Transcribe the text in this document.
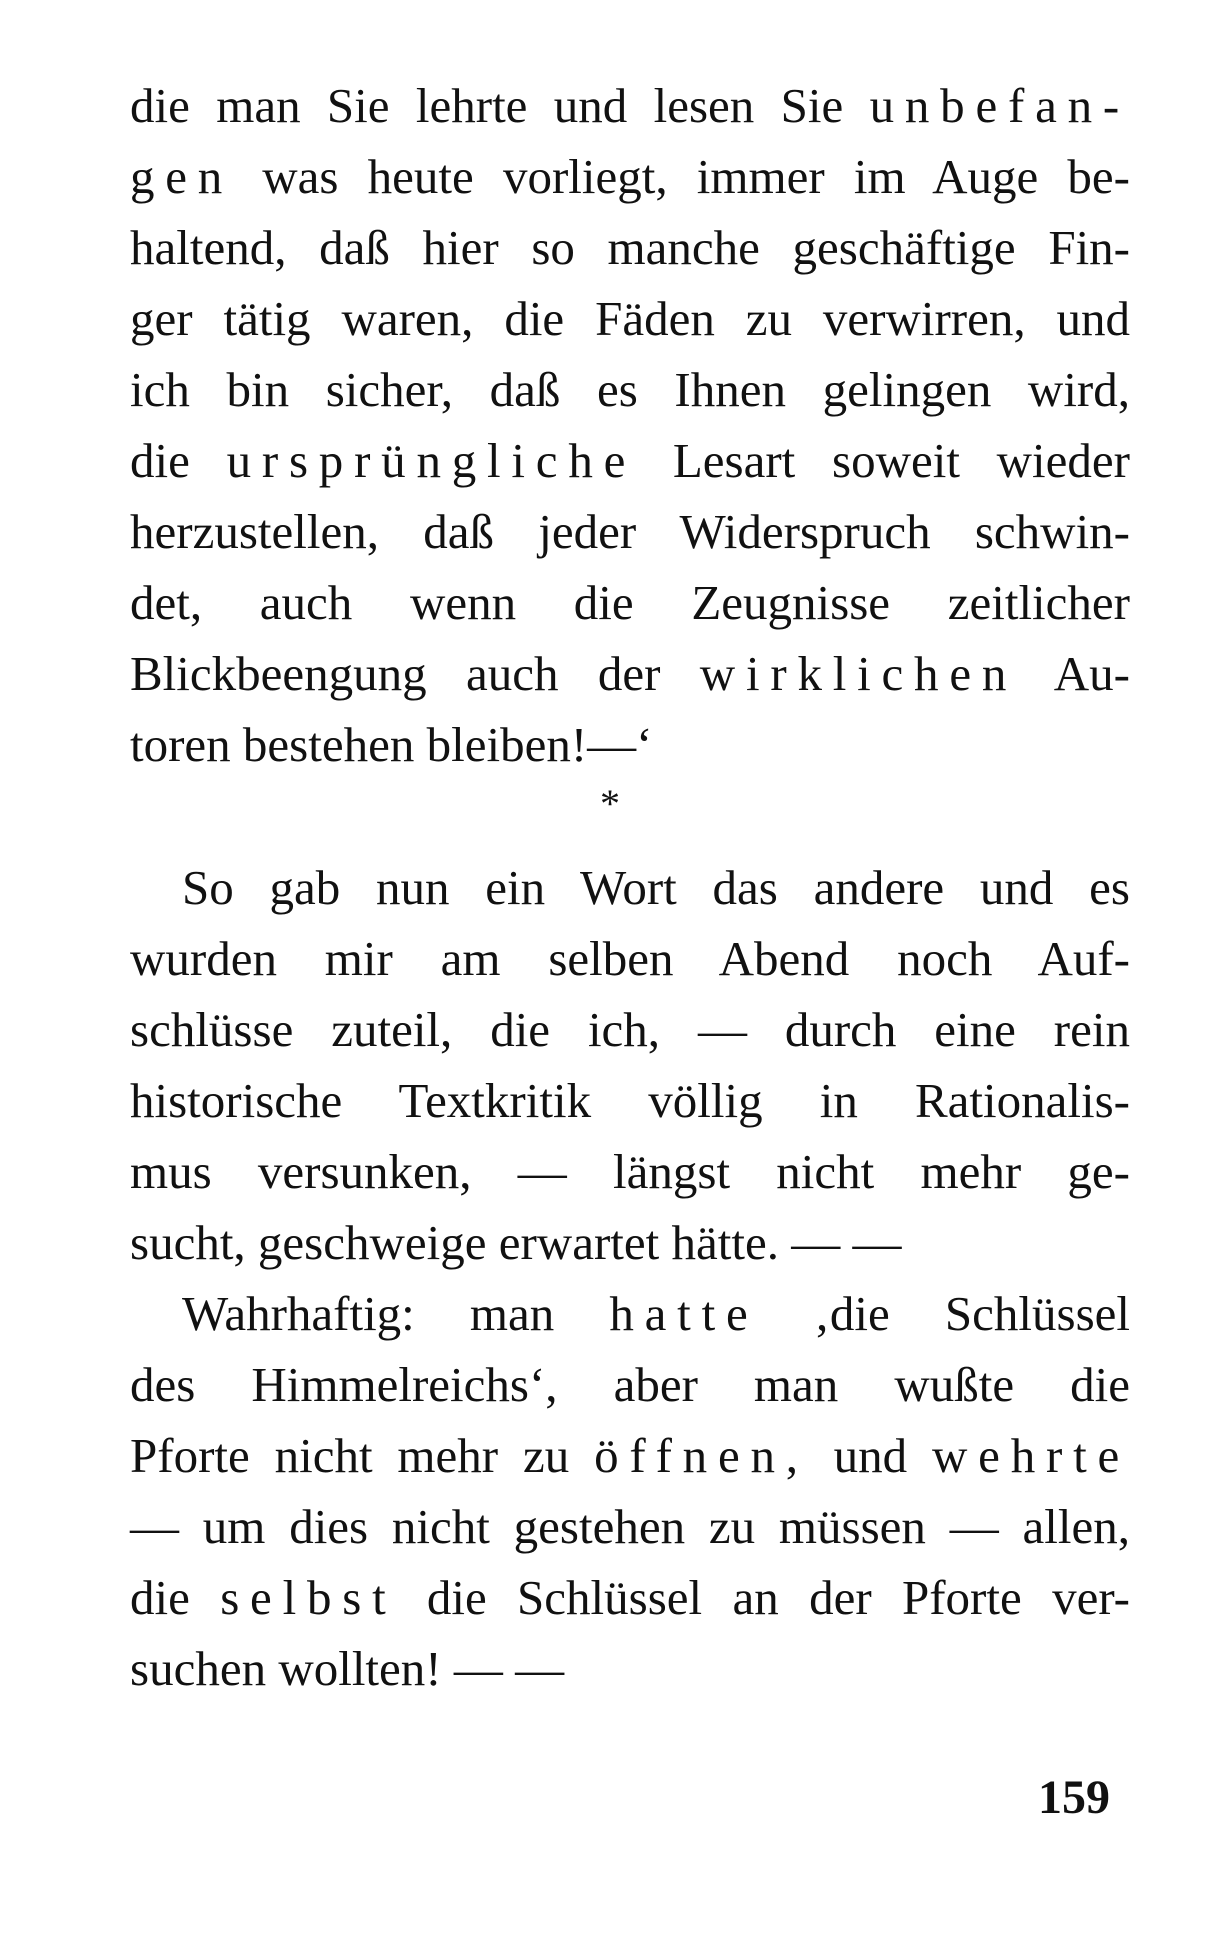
die man Sie lehrte und lesen Sie unbefan-
gen was heute vorliegt, immer im Auge be-
haltend, daß hier so manche geschäftige Fin-
ger tätig waren, die Fäden zu verwirren, und
ich bin sicher, daß es Ihnen gelingen wird,
die ursprüngliche Lesart soweit wieder
herzustellen, daß jeder Widerspruch schwin-
det, auch wenn die Zeugnisse zeitlicher
Blickbeengung auch der wirklichen Au-
toren bestehen bleiben!—‘
*
So gab nun ein Wort das andere und es
wurden mir am selben Abend noch Auf-
schlüsse zuteil, die ich, — durch eine rein
historische Textkritik völlig in Rationalis-
mus versunken, — längst nicht mehr ge-
sucht, geschweige erwartet hätte. — —
Wahrhaftig: man hatte ‚die Schlüssel
des Himmelreichs‘, aber man wußte die
Pforte nicht mehr zu öffnen, und wehrte
— um dies nicht gestehen zu müssen — allen,
die selbst die Schlüssel an der Pforte ver-
suchen wollten! — —
159
